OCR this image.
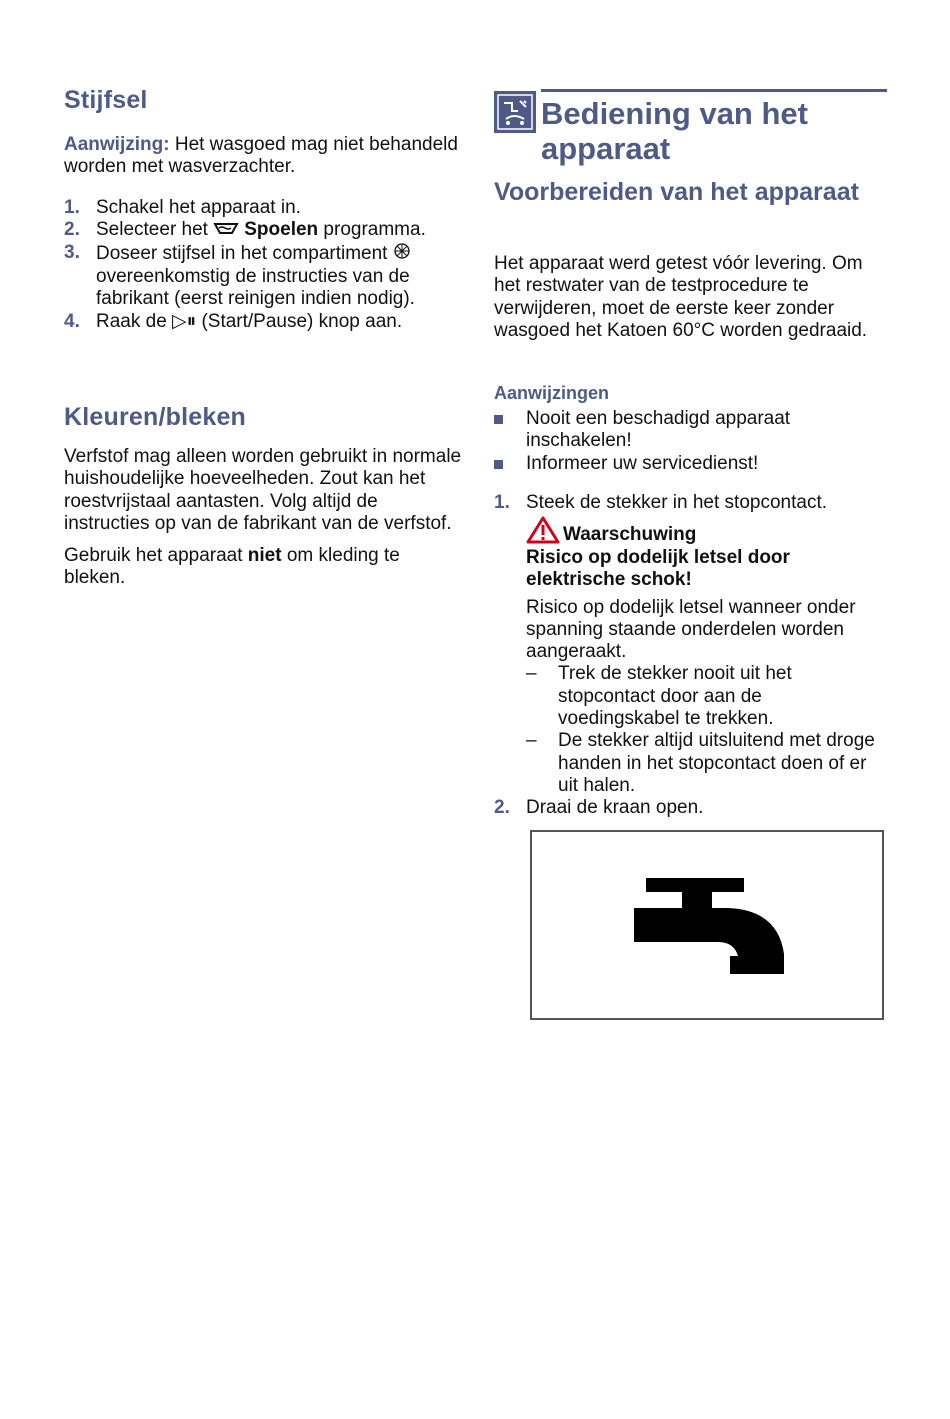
Stijfsel

Aanwijzing: Het wasgoed mag niet behandeld worden met wasverzachter.

1. Schakel het apparaat in.
2. Selecteer het Spoelen programma.
3. Doseer stijfsel in het compartiment  overeenkomstig de instructies van de fabrikant (eerst reinigen indien nodig).
4. Raak de ▷⏸ (Start/Pause) knop aan.
Kleuren/bleken

Verfstof mag alleen worden gebruikt in normale huishoudelijke hoeveelheden. Zout kan het roestvrijstaal aantasten. Volg altijd de instructies op van de fabrikant van de verfstof.

Gebruik het apparaat niet om kleding te bleken.

Bediening van het apparaat
Voorbereiden van het apparaat

Het apparaat werd getest vóór levering. Om het restwater van de testprocedure te verwijderen, moet de eerste keer zonder wasgoed het Katoen 60°C worden gedraaid.

Aanwijzingen
Nooit een beschadigd apparaat inschakelen!
Informeer uw servicedienst!
1. Steek de stekker in het stopcontact.
Waarschuwing

Risico op dodelijk letsel door elektrische schok!

Risico op dodelijk letsel wanneer onder spanning staande onderdelen worden aangeraakt.

– Trek de stekker nooit uit het stopcontact door aan de voedingskabel te trekken.
– De stekker altijd uitsluitend met droge handen in het stopcontact doen of er uit halen.
2. Draai de kraan open.
